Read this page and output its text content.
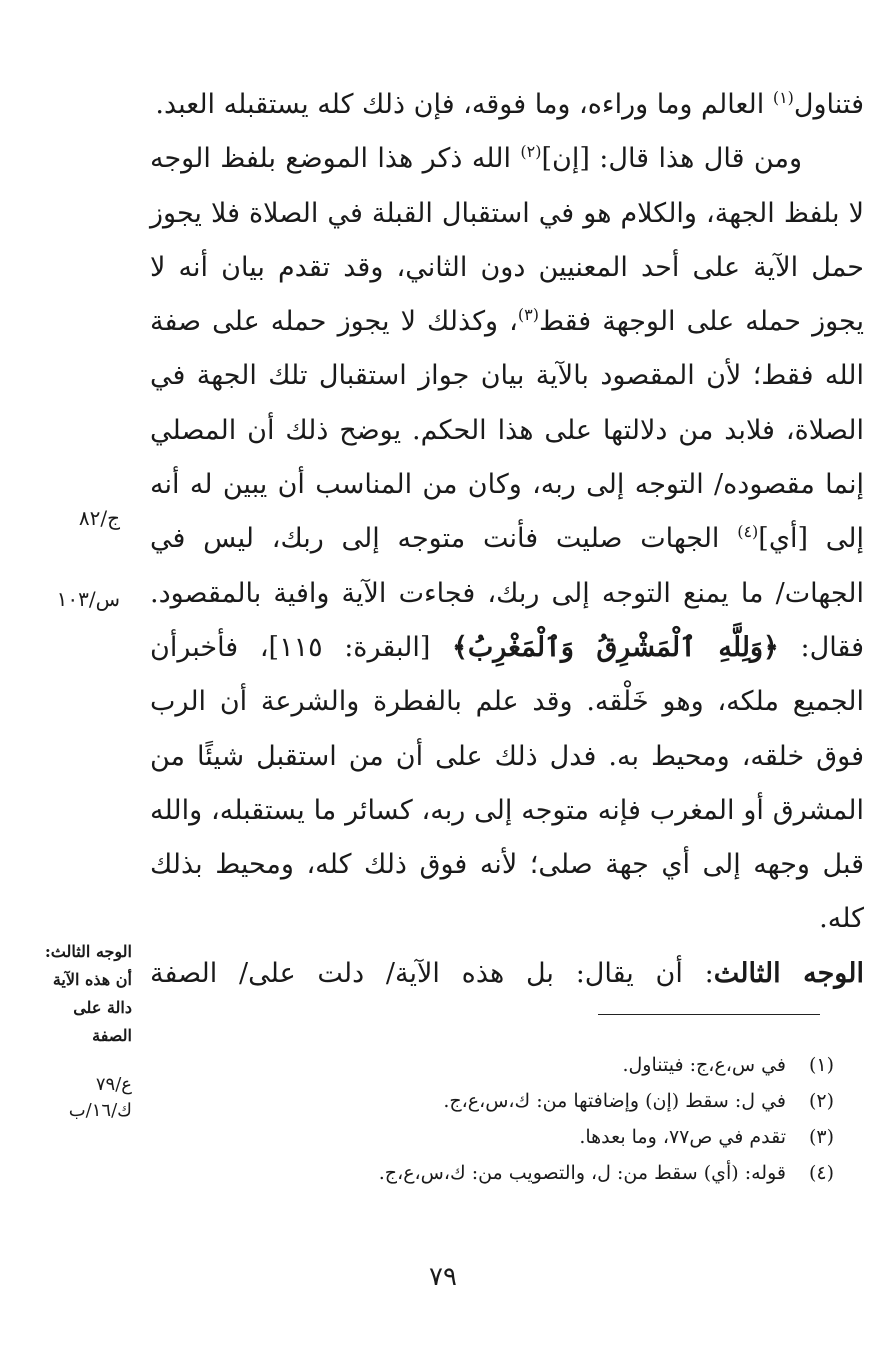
فتناول$^{(١)}$ العالم وما وراءه، وما فوقه، فإن ذلك كله يستقبله العبد.

ومن قال هذا قال: [إن]$^{(٢)}$ الله ذكر هذا الموضع بلفظ الوجه لا بلفظ الجهة، والكلام هو في استقبال القبلة في الصلاة فلا يجوز حمل الآية على أحد المعنيين دون الثاني، وقد تقدم بيان أنه لا يجوز حمله على الوجهة فقط$^{(٣)}$، وكذلك لا يجوز حمله على صفة الله فقط؛ لأن المقصود بالآية بيان جواز استقبال تلك الجهة في الصلاة، فلابد من دلالتها على هذا الحكم. يوضح ذلك أن المصلي إنما مقصوده/ التوجه إلى ربه، وكان من المناسب أن يبين له أنه إلى [أي]$^{(٤)}$ الجهات صليت فأنت متوجه إلى ربك، ليس في الجهات/ ما يمنع التوجه إلى ربك، فجاءت الآية وافية بالمقصود. فقال: ﴿وَلِلَّهِ ٱلْمَشْرِقُ وَٱلْمَغْرِبُ﴾ [البقرة: ١١٥]، فأخبرأن الجميع ملكه، وهو خَلْقه. وقد علم بالفطرة والشرعة أن الرب فوق خلقه، ومحيط به. فدل ذلك على أن من استقبل شيئًا من المشرق أو المغرب فإنه متوجه إلى ربه، كسائر ما يستقبله، والله قبل وجهه إلى أي جهة صلى؛ لأنه فوق ذلك كله، ومحيط بذلك كله.

الوجه الثالث: أن يقال: بل هذه الآية/ دلت على/ الصفة

ج/٨٢
س/١٠٣
الوجه الثالث: أن هذه الآية دالة على الصفة
ع/٧٩
ك/١٦/ب
(١)في س،ع،ج: فيتناول.
(٢)في ل: سقط (إن) وإضافتها من: ك،س،ع،ج.
(٣)تقدم في ص٧٧، وما بعدها.
(٤)قوله: (أي) سقط من: ل، والتصويب من: ك،س،ع،ج.
٧٩
